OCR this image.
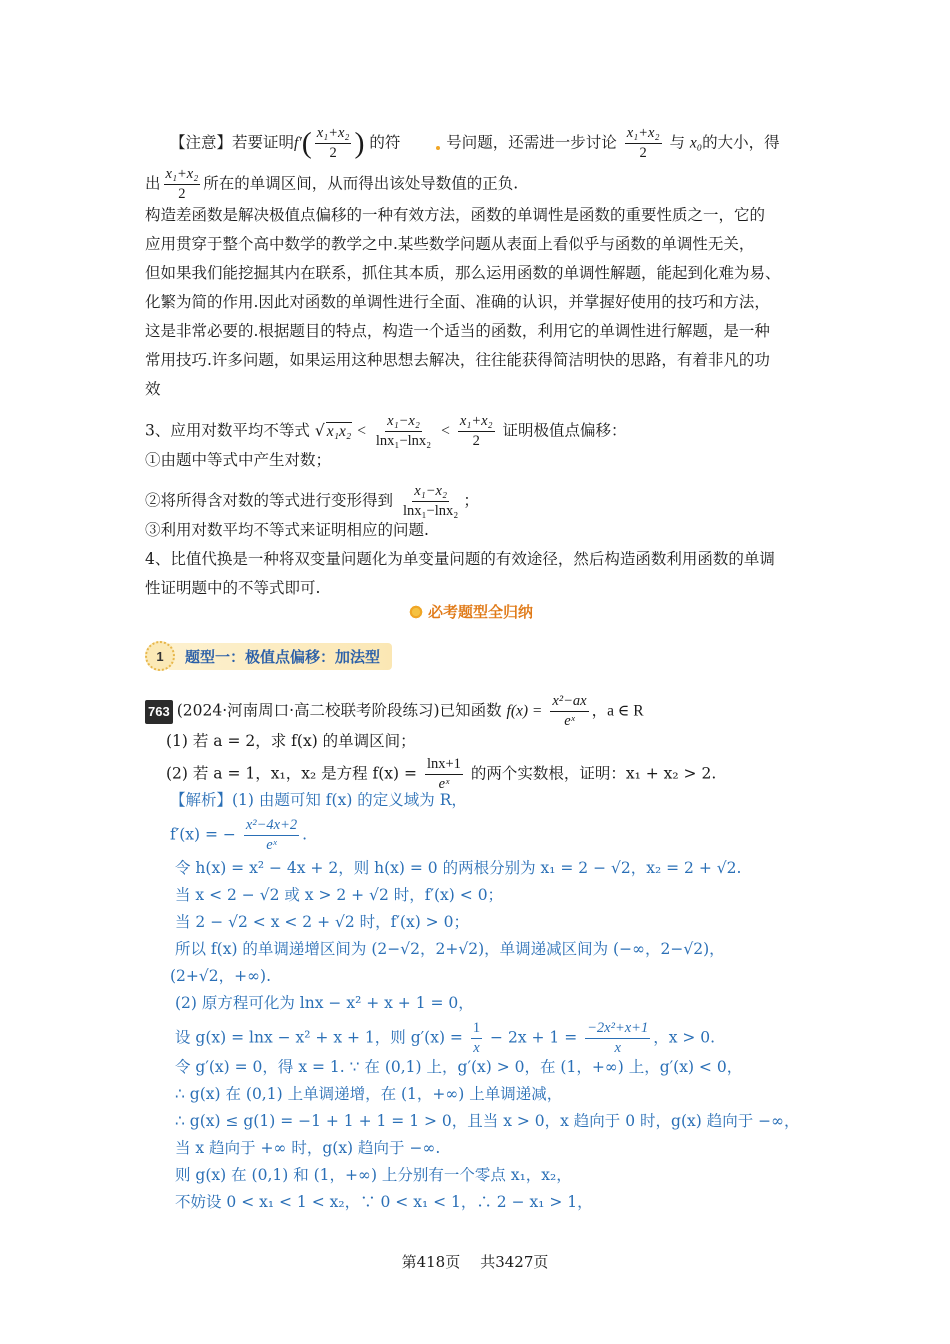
【注意】若要证明$f'( \frac{\text{x₁+x₂}}{2}$ ) 的符	号问题，还需进一步讨论 $\frac{\text{x₁+x₂}}{2}$ 与 x₀的大小，得
出 $\frac{\text{x₁+x₂}}{2}$ 所在的单调区间，从而得出该处导数值的正负.
构造差函数是解决极值点偏移的一种有效方法，函数的单调性是函数的重要性质之一，它的
应用贯穿于整个高中数学的教学之中.某些数学问题从表面上看似乎与函数的单调性无关，
但如果我们能挖掘其内在联系，抓住其本质，那么运用函数的单调性解题，能起到化难为易、
化繁为简的作用.因此对函数的单调性进行全面、准确的认识，并掌握好使用的技巧和方法，
这是非常必要的.根据题目的特点，构造一个适当的函数，利用它的单调性进行解题，是一种
常用技巧.许多问题，如果运用这种思想去解决，往往能获得简洁明快的思路，有着非凡的功
效
3、应用对数平均不等式 √ $x_1x_2 < \frac{\text{x₁−x₂}}{\text{lnx₁−lnx₂}} < \frac{\text{x₁+x₂}}{2}$ 证明极值点偏移：
①由题中等式中产生对数；
②将所得含对数的等式进行变形得到 $\frac{\text{x₁−x₂}}{\text{lnx₁−lnx₂}}$ ；
③利用对数平均不等式来证明相应的问题.
4、比值代换是一种将双变量问题化为单变量问题的有效途径，然后构造函数利用函数的单调
性证明题中的不等式即可.
必考题型全归纳
1	题型一：极值点偏移：加法型
763 (2024·河南周口·高二校联考阶段练习)已知函数 $f(x) = \frac{\text{x²−ax}}{\text{eˣ}}$ ，a ∈ R
(1) 若 a = 2，求 f(x) 的单调区间；
(2) 若 a = 1，x₁，x₂ 是方程 $f(x) = \frac{\ln x+1}{\text{eˣ}}$ 的两个实数根，证明：x₁ + x₂ > 2.
【解析】(1) 由题可知 f(x) 的定义域为 R，
f′(x) = − $\frac{\text{x²−4x+2}}{\text{eˣ}}$ .
令 h(x) = x² − 4x + 2，则 h(x) = 0 的两根分别为 x₁ = 2 − √2，x₂ = 2 + √2.
当 x < 2 − √2 或 x > 2 + √2 时，f′(x) < 0；
当 2 − √2 < x < 2 + √2 时，f′(x) > 0；
所以 f(x) 的单调递增区间为 (2−√2，2+√2)，单调递减区间为 (−∞，2−√2)，
(2+√2，+∞).
(2) 原方程可化为 lnx − x² + x + 1 = 0，
设 g(x) = lnx − x² + x + 1，则 $g'(x) = \frac{1}{x} - 2x + 1 = \frac{\text{−2x²+x+1}}{x}$ ，x > 0.
令 g′(x) = 0，得 x = 1. ∵ 在 (0,1) 上，g′(x) > 0，在 (1，+∞) 上，g′(x) < 0，
∴ g(x) 在 (0,1) 上单调递增，在 (1，+∞) 上单调递减，
∴ g(x) ≤ g(1) = −1 + 1 + 1 = 1 > 0，且当 x > 0，x 趋向于 0 时，g(x) 趋向于 −∞，
当 x 趋向于 +∞ 时，g(x) 趋向于 −∞.
则 g(x) 在 (0,1) 和 (1，+∞) 上分别有一个零点 x₁，x₂，
不妨设 0 < x₁ < 1 < x₂，∵ 0 < x₁ < 1，∴ 2 − x₁ > 1，
第418页 共3427页
